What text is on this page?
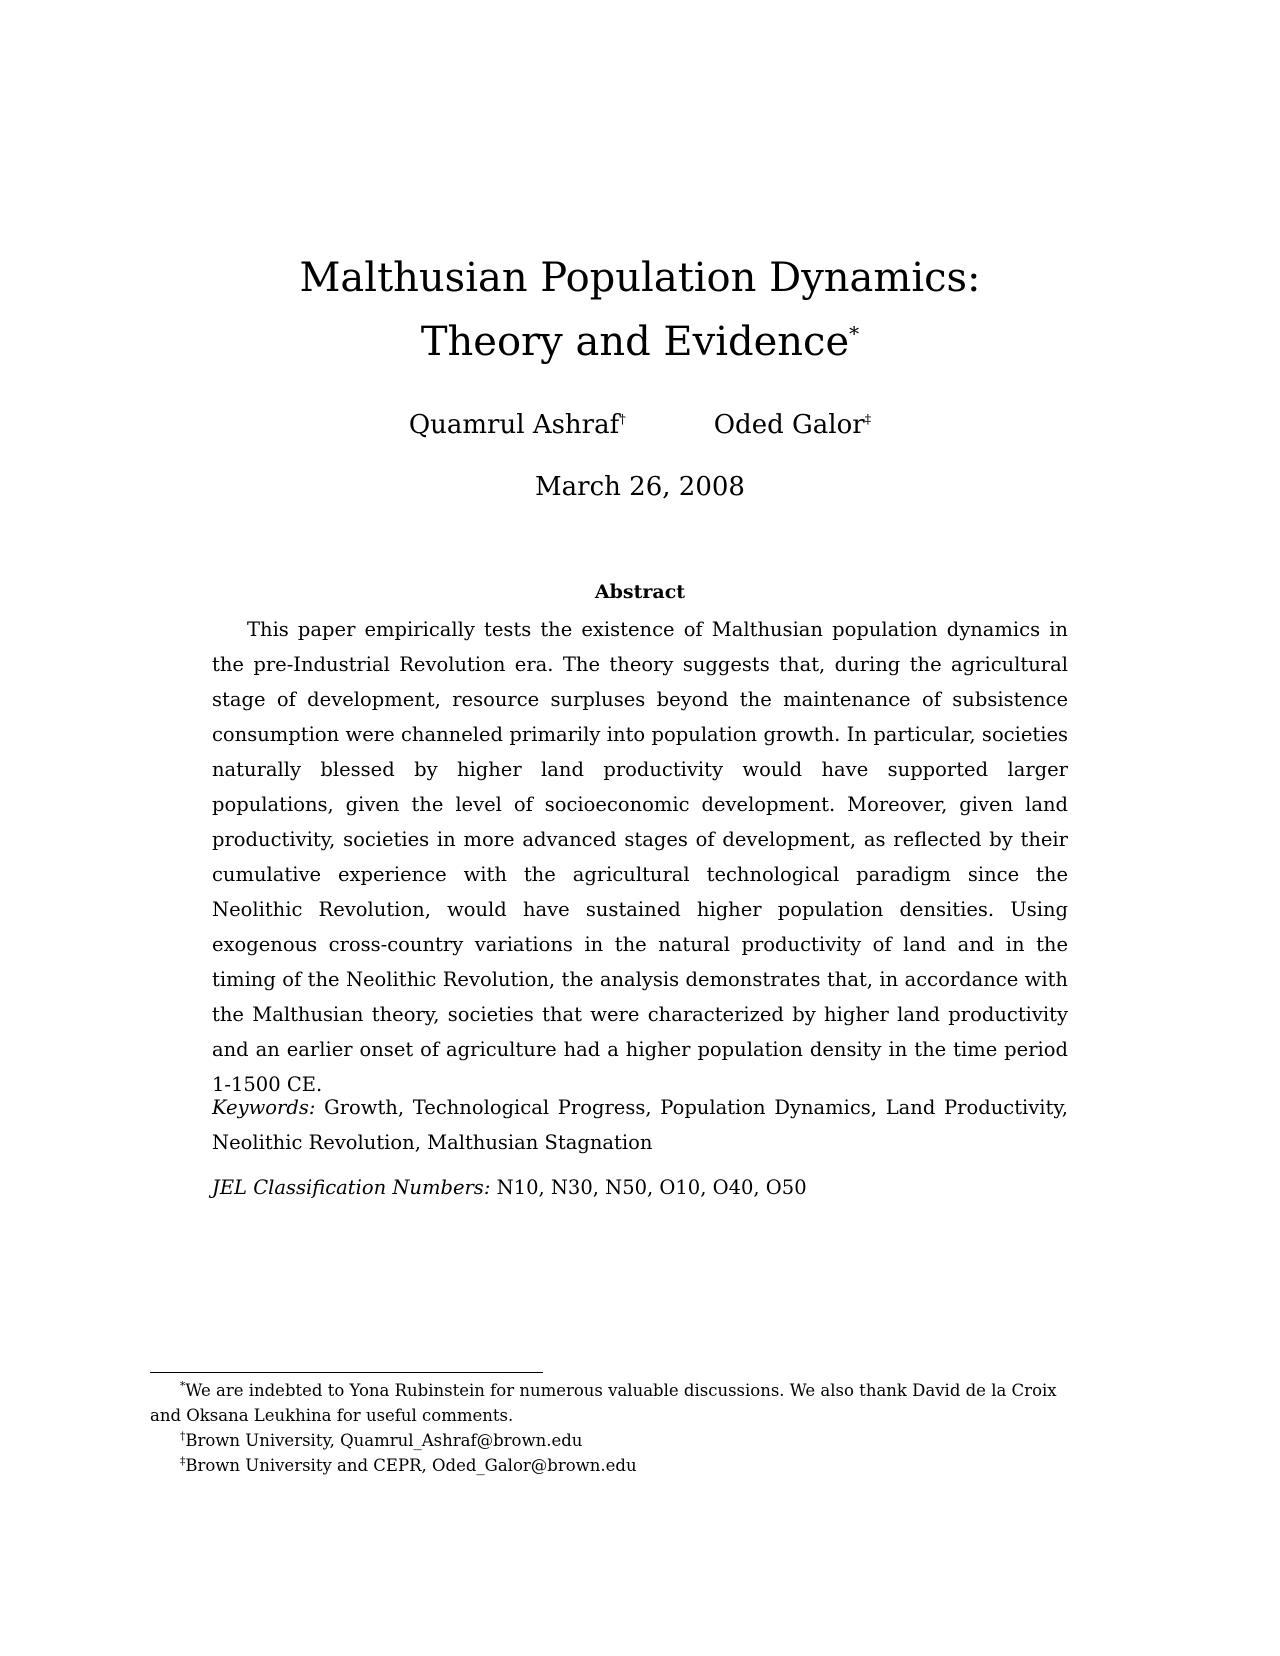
Malthusian Population Dynamics:
Theory and Evidence*
Quamrul Ashraf†	Oded Galor‡
March 26, 2008
Abstract

This paper empirically tests the existence of Malthusian population dynamics in the pre-Industrial Revolution era. The theory suggests that, during the agricultural stage of development, resource surpluses beyond the maintenance of subsistence consumption were channeled primarily into population growth. In particular, societies naturally blessed by higher land productivity would have supported larger populations, given the level of socioeconomic development. Moreover, given land productivity, societies in more advanced stages of development, as reflected by their cumulative experience with the agricultural technological paradigm since the Neolithic Revolution, would have sustained higher population densities. Using exogenous cross-country variations in the natural productivity of land and in the timing of the Neolithic Revolution, the analysis demonstrates that, in accordance with the Malthusian theory, societies that were characterized by higher land productivity and an earlier onset of agriculture had a higher population density in the time period 1-1500 CE.

Keywords: Growth, Technological Progress, Population Dynamics, Land Productivity, Neolithic Revolution, Malthusian Stagnation

JEL Classification Numbers: N10, N30, N50, O10, O40, O50

*We are indebted to Yona Rubinstein for numerous valuable discussions. We also thank David de la Croix

and Oksana Leukhina for useful comments.

†Brown University, Quamrul_Ashraf@brown.edu

‡Brown University and CEPR, Oded_Galor@brown.edu
